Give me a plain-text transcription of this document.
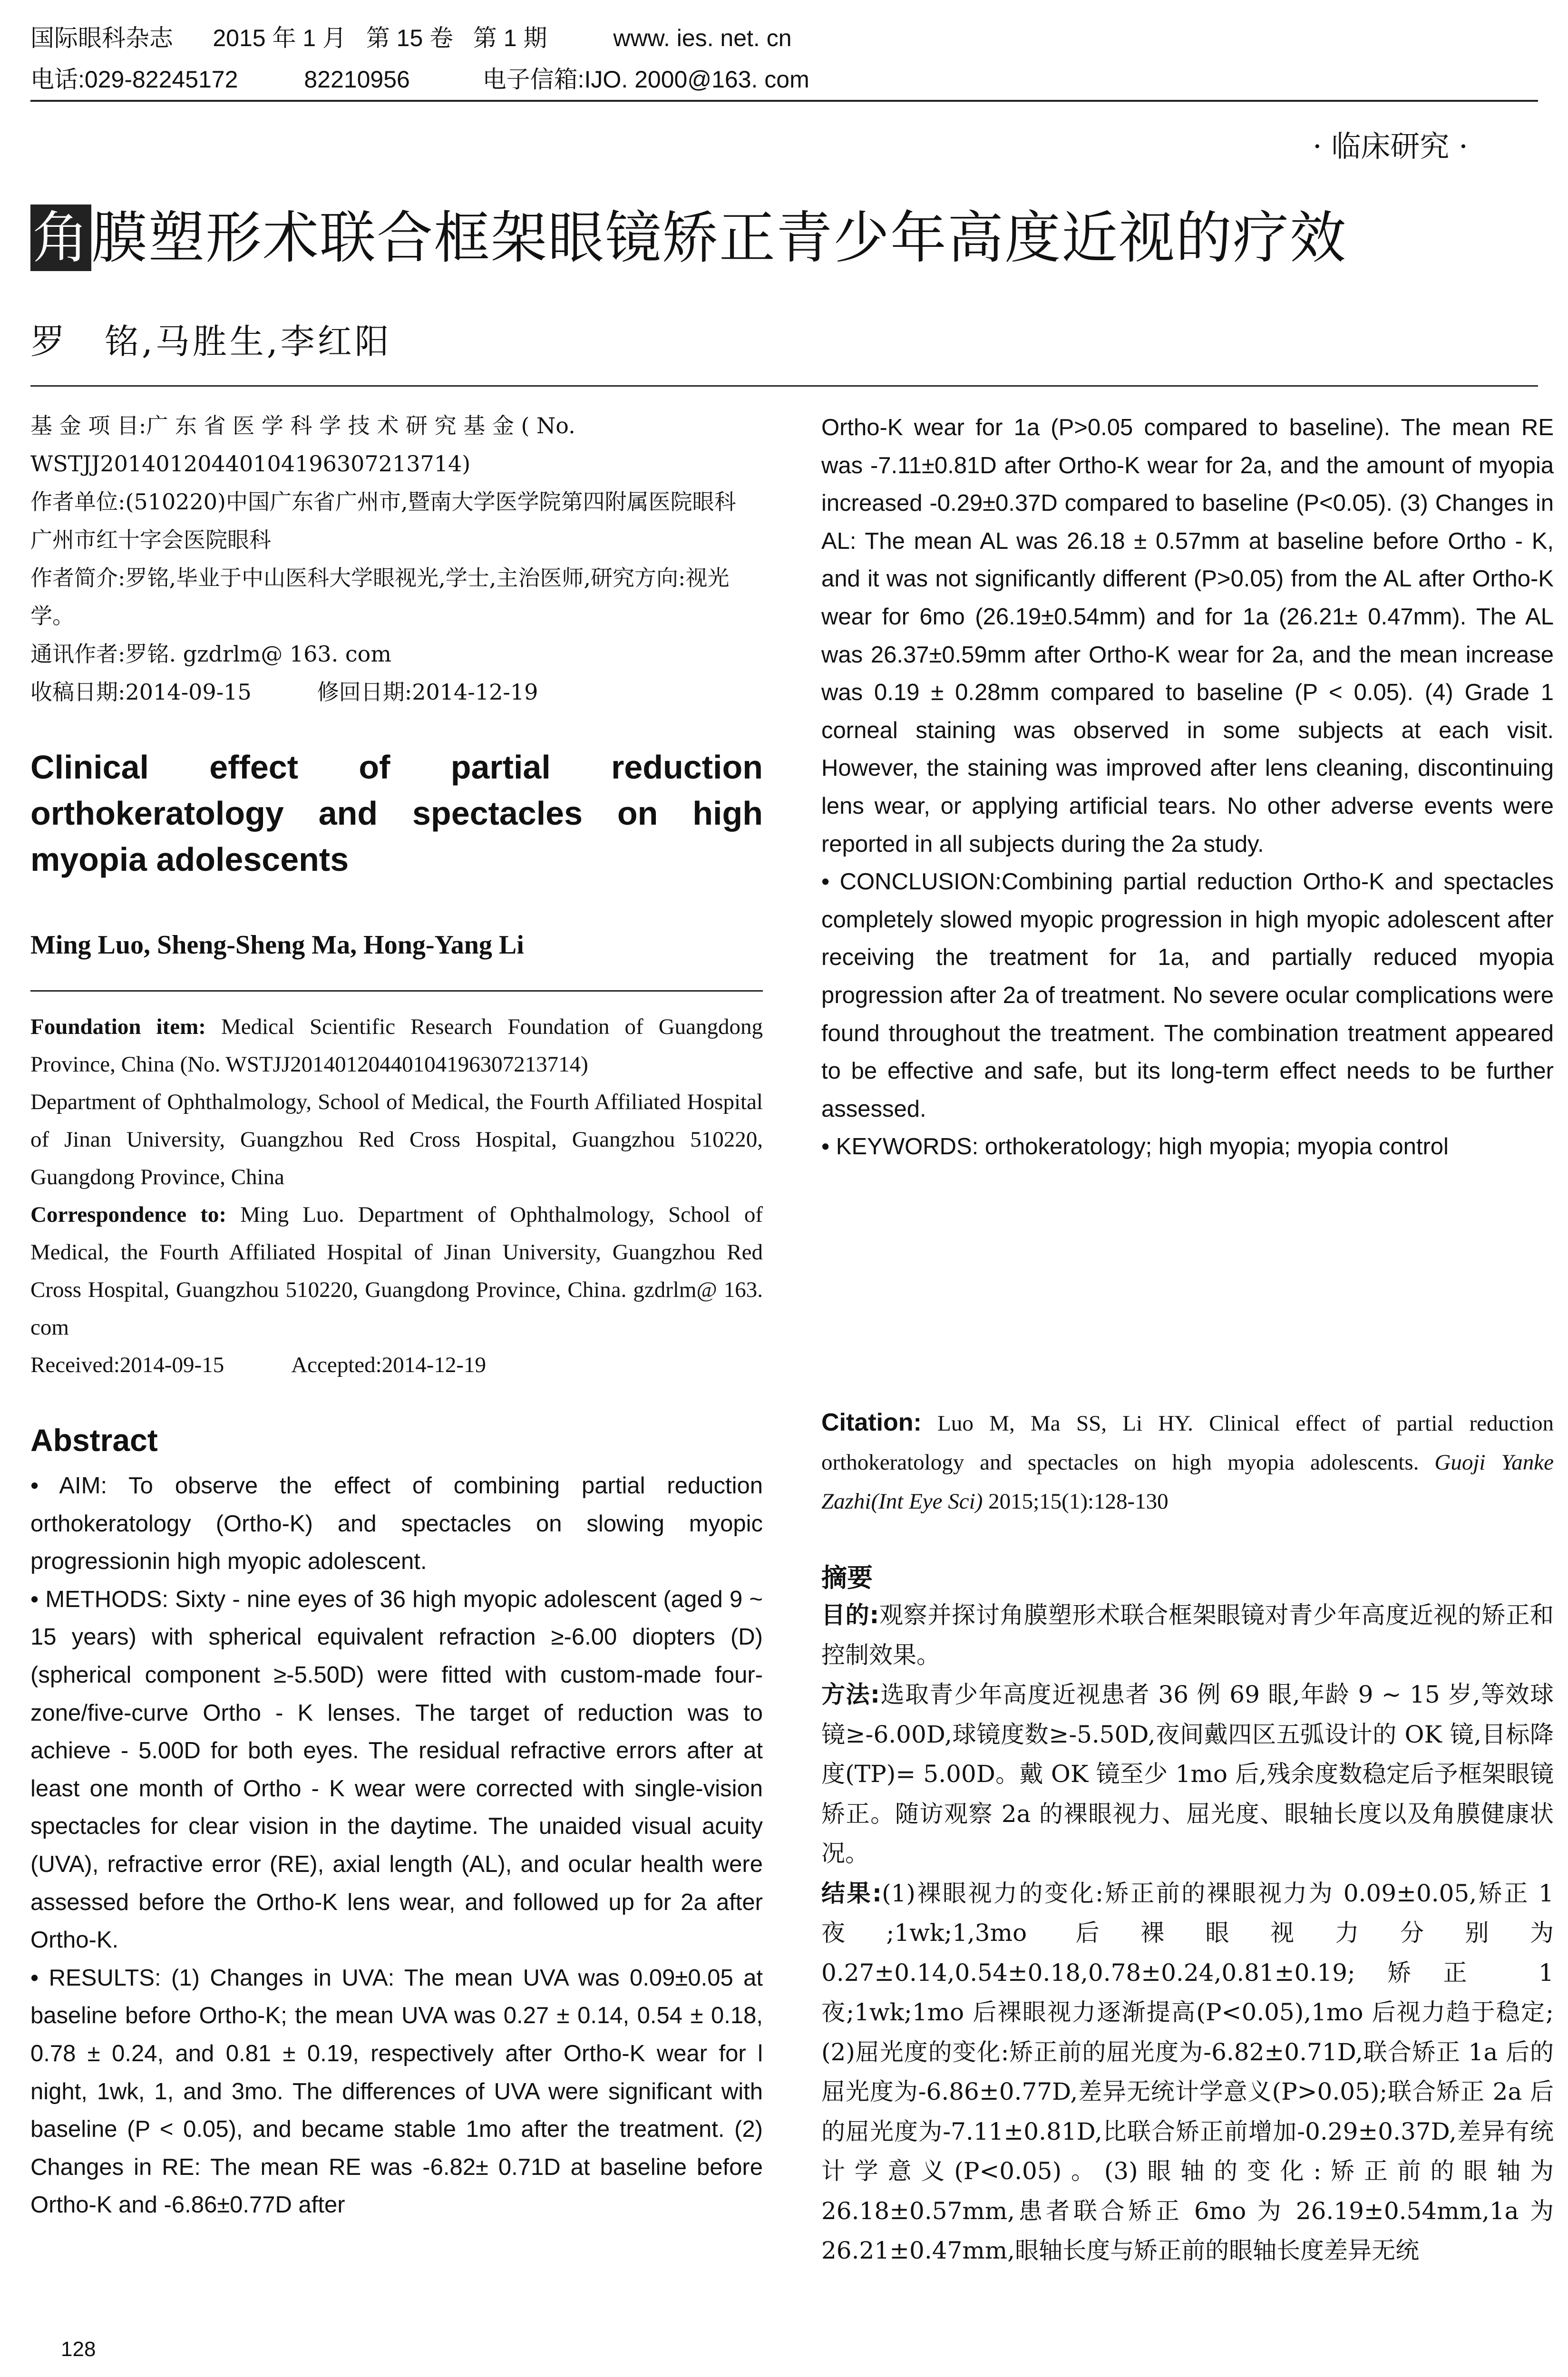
国际眼科杂志 2015 年 1 月 第 15 卷 第 1 期	www. ies. net. cn
电话:029-82245172	82210956	电子信箱:IJO. 2000@163. com
· 临床研究 ·
角膜塑形术联合框架眼镜矫正青少年高度近视的疗效
罗　铭,马胜生,李红阳

基 金 项 目:广 东 省 医 学 科 学 技 术 研 究 基 金 ( No. WSTJJ20140120440104196307213714)

作者单位:(510220)中国广东省广州市,暨南大学医学院第四附属医院眼科 广州市红十字会医院眼科

作者简介:罗铭,毕业于中山医科大学眼视光,学士,主治医师,研究方向:视光学。

通讯作者:罗铭. gzdrlm@ 163. com

收稿日期:2014-09-15　　　修回日期:2014-12-19

Clinical effect of partial reduction orthokeratology and spectacles on high myopia adolescents
Ming Luo, Sheng-Sheng Ma, Hong-Yang Li

Foundation item: Medical Scientific Research Foundation of Guangdong Province, China (No. WSTJJ20140120440104196307213714)

Department of Ophthalmology, School of Medical, the Fourth Affiliated Hospital of Jinan University, Guangzhou Red Cross Hospital, Guangzhou 510220, Guangdong Province, China

Correspondence to: Ming Luo. Department of Ophthalmology, School of Medical, the Fourth Affiliated Hospital of Jinan University, Guangzhou Red Cross Hospital, Guangzhou 510220, Guangdong Province, China. gzdrlm@ 163. com

Received:2014-09-15　　　Accepted:2014-12-19

Abstract

• AIM: To observe the effect of combining partial reduction orthokeratology (Ortho-K) and spectacles on slowing myopic progressionin high myopic adolescent.

• METHODS: Sixty - nine eyes of 36 high myopic adolescent (aged 9 ~ 15 years) with spherical equivalent refraction ≥-6.00 diopters (D) (spherical component ≥-5.50D) were fitted with custom-made four-zone/five-curve Ortho - K lenses. The target of reduction was to achieve - 5.00D for both eyes. The residual refractive errors after at least one month of Ortho - K wear were corrected with single-vision spectacles for clear vision in the daytime. The unaided visual acuity (UVA), refractive error (RE), axial length (AL), and ocular health were assessed before the Ortho-K lens wear, and followed up for 2a after Ortho-K.

• RESULTS: (1) Changes in UVA: The mean UVA was 0.09±0.05 at baseline before Ortho-K; the mean UVA was 0.27 ± 0.14, 0.54 ± 0.18, 0.78 ± 0.24, and 0.81 ± 0.19, respectively after Ortho-K wear for l night, 1wk, 1, and 3mo. The differences of UVA were significant with baseline (P < 0.05), and became stable 1mo after the treatment. (2) Changes in RE: The mean RE was -6.82± 0.71D at baseline before Ortho-K and -6.86±0.77D after

Ortho-K wear for 1a (P>0.05 compared to baseline). The mean RE was -7.11±0.81D after Ortho-K wear for 2a, and the amount of myopia increased -0.29±0.37D compared to baseline (P<0.05). (3) Changes in AL: The mean AL was 26.18 ± 0.57mm at baseline before Ortho - K, and it was not significantly different (P>0.05) from the AL after Ortho-K wear for 6mo (26.19±0.54mm) and for 1a (26.21± 0.47mm). The AL was 26.37±0.59mm after Ortho-K wear for 2a, and the mean increase was 0.19 ± 0.28mm compared to baseline (P < 0.05). (4) Grade 1 corneal staining was observed in some subjects at each visit. However, the staining was improved after lens cleaning, discontinuing lens wear, or applying artificial tears. No other adverse events were reported in all subjects during the 2a study.

• CONCLUSION:Combining partial reduction Ortho-K and spectacles completely slowed myopic progression in high myopic adolescent after receiving the treatment for 1a, and partially reduced myopia progression after 2a of treatment. No severe ocular complications were found throughout the treatment. The combination treatment appeared to be effective and safe, but its long-term effect needs to be further assessed.

• KEYWORDS: orthokeratology; high myopia; myopia control

Citation: Luo M, Ma SS, Li HY. Clinical effect of partial reduction orthokeratology and spectacles on high myopia adolescents. Guoji Yanke Zazhi(Int Eye Sci) 2015;15(1):128-130
摘要

目的:观察并探讨角膜塑形术联合框架眼镜对青少年高度近视的矫正和控制效果。

方法:选取青少年高度近视患者 36 例 69 眼,年龄 9 ~ 15 岁,等效球镜≥-6.00D,球镜度数≥-5.50D,夜间戴四区五弧设计的 OK 镜,目标降度(TP)= 5.00D。戴 OK 镜至少 1mo 后,残余度数稳定后予框架眼镜矫正。随访观察 2a 的裸眼视力、屈光度、眼轴长度以及角膜健康状况。

结果:(1)裸眼视力的变化:矫正前的裸眼视力为 0.09±0.05,矫正 1 夜;1wk;1,3mo 后裸眼视力分别为 0.27±0.14,0.54±0.18,0.78±0.24,0.81±0.19;矫正 1 夜;1wk;1mo 后裸眼视力逐渐提高(P<0.05),1mo 后视力趋于稳定;(2)屈光度的变化:矫正前的屈光度为-6.82±0.71D,联合矫正 1a 后的屈光度为-6.86±0.77D,差异无统计学意义(P>0.05);联合矫正 2a 后的屈光度为-7.11±0.81D,比联合矫正前增加-0.29±0.37D,差异有统计学意义(P<0.05)。(3)眼轴的变化:矫正前的眼轴为 26.18±0.57mm,患者联合矫正 6mo 为 26.19±0.54mm,1a 为 26.21±0.47mm,眼轴长度与矫正前的眼轴长度差异无统

128
